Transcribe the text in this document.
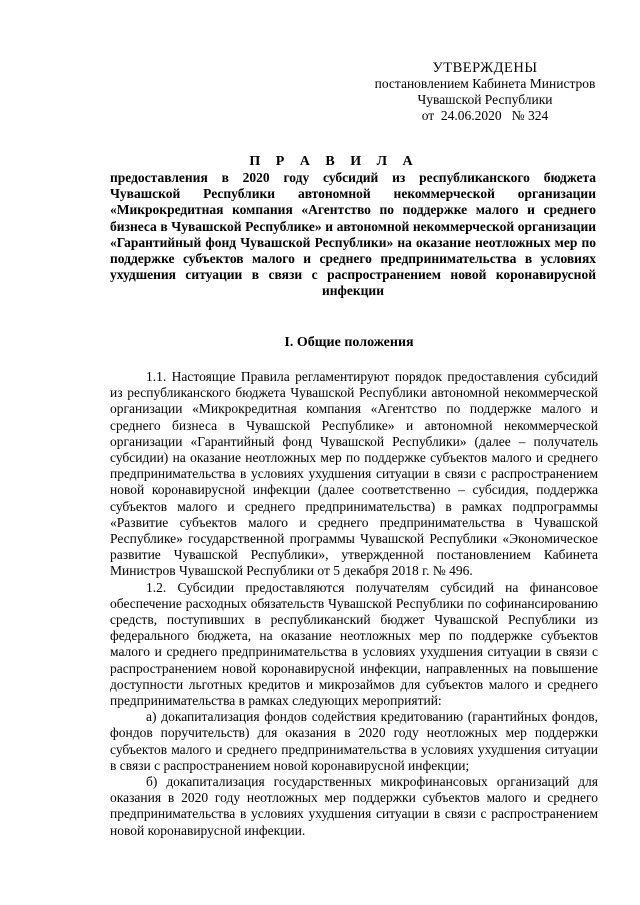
УТВЕРЖДЕНЫ
постановлением Кабинета Министров
Чувашской Республики
от  24.06.2020   № 324
П Р А В И Л А
предоставления в 2020 году субсидий из республиканского бюджета Чувашской Республики автономной некоммерческой организации «Микрокредитная компания «Агентство по поддержке малого и среднего бизнеса в Чувашской Республике» и автономной некоммерческой организации «Гарантийный фонд Чувашской Республики» на оказание неотложных мер по поддержке субъектов малого и среднего предпринимательства в условиях ухудшения ситуации в связи с распространением новой коронавирусной инфекции
I. Общие положения

1.1. Настоящие Правила регламентируют порядок предоставления субсидий из республиканского бюджета Чувашской Республики автономной некоммерческой организации «Микрокредитная компания «Агентство по поддержке малого и среднего бизнеса в Чувашской Республике» и автономной некоммерческой организации «Гарантийный фонд Чувашской Республики» (далее – получатель субсидии) на оказание неотложных мер по поддержке субъектов малого и среднего предпринимательства в условиях ухудшения ситуации в связи с распространением новой коронавирусной инфекции (далее соответственно – субсидия, поддержка субъектов малого и среднего предпринимательства) в рамках подпрограммы «Развитие субъектов малого и среднего предпринимательства в Чувашской Республике» государственной программы Чувашской Республики «Экономическое развитие Чувашской Республики», утвержденной постановлением Кабинета Министров Чувашской Республики от 5 декабря 2018 г. № 496.

1.2. Субсидии предоставляются получателям субсидий на финансовое обеспечение расходных обязательств Чувашской Республики по софинансированию средств, поступивших в республиканский бюджет Чувашской Республики из федерального бюджета, на оказание неотложных мер по поддержке субъектов малого и среднего предпринимательства в условиях ухудшения ситуации в связи с распространением новой коронавирусной инфекции, направленных на повышение доступности льготных кредитов и микрозаймов для субъектов малого и среднего предпринимательства в рамках следующих мероприятий:

а) докапитализация фондов содействия кредитованию (гарантийных фондов, фондов поручительств) для оказания в 2020 году неотложных мер поддержки субъектов малого и среднего предпринимательства в условиях ухудшения ситуации в связи с распространением новой коронавирусной инфекции;

б) докапитализация государственных микрофинансовых организаций для оказания в 2020 году неотложных мер поддержки субъектов малого и среднего предпринимательства в условиях ухудшения ситуации в связи с распространением новой коронавирусной инфекции.
